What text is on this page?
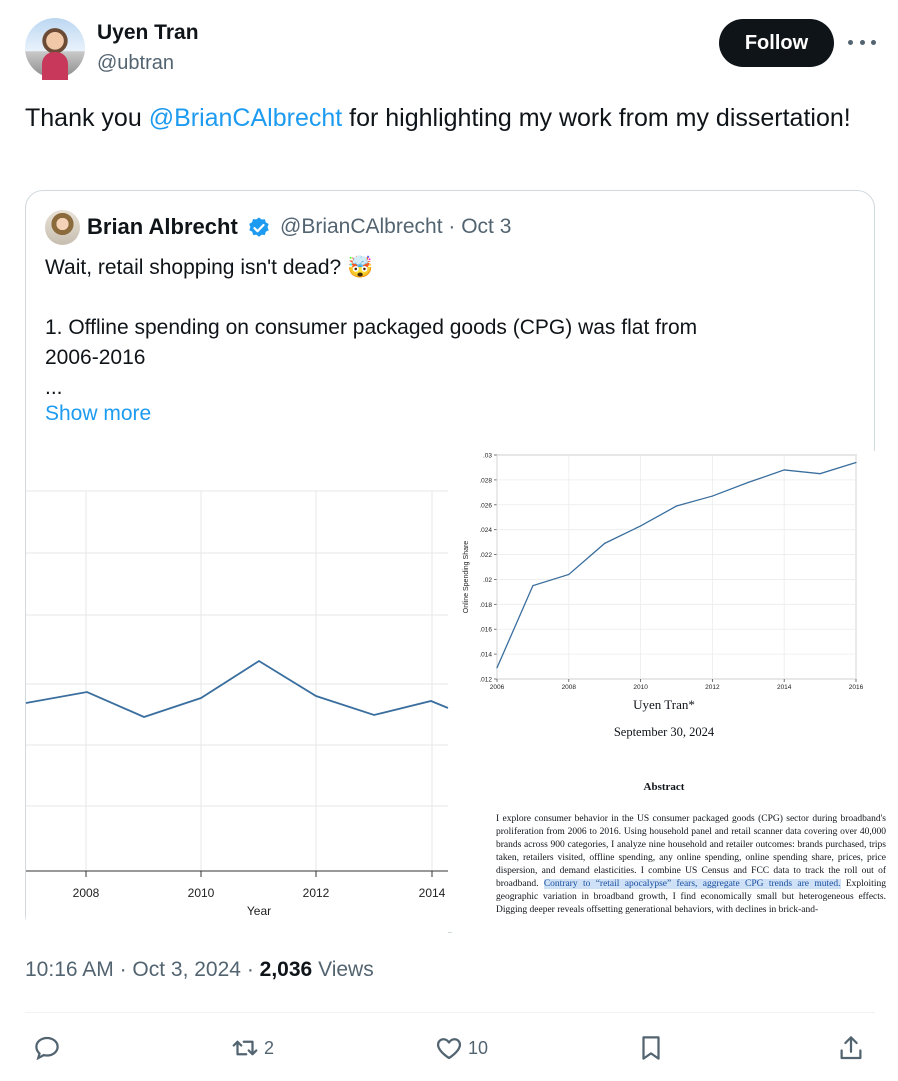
Uyen Tran
@ubtran
Follow
Thank you @BrianCAlbrecht for highlighting my work from my dissertation!
Brian Albrecht @BrianCAlbrecht · Oct 3
Wait, retail shopping isn't dead? 🤯

1. Offline spending on consumer packaged goods (CPG) was flat from
2006-2016
...
Show more
2008	2010	2012	2014
Year
Online Spending Share
.012
.014
.016
.018
.02
.022
.024
.026
.028
.03
2006	2008	2010	2012	2014	2016
Uyen Tran*
September 30, 2024
Abstract
I explore consumer behavior in the US consumer packaged goods (CPG) sector during broadband's proliferation from 2006 to 2016. Using household panel and retail scanner data covering over 40,000 brands across 900 categories, I analyze nine household and retailer outcomes: brands purchased, trips taken, retailers visited, offline spending, any online spending, online spending share, prices, price dispersion, and demand elasticities. I combine US Census and FCC data to track the roll out of broadband. Contrary to “retail apocalypse” fears, aggregate CPG trends are muted. Exploiting geographic variation in broadband growth, I find economically small but heterogeneous effects. Digging deeper reveals offsetting generational behaviors, with declines in brick-and-
10:16 AM · Oct 3, 2024 · 2,036 Views
2	10
